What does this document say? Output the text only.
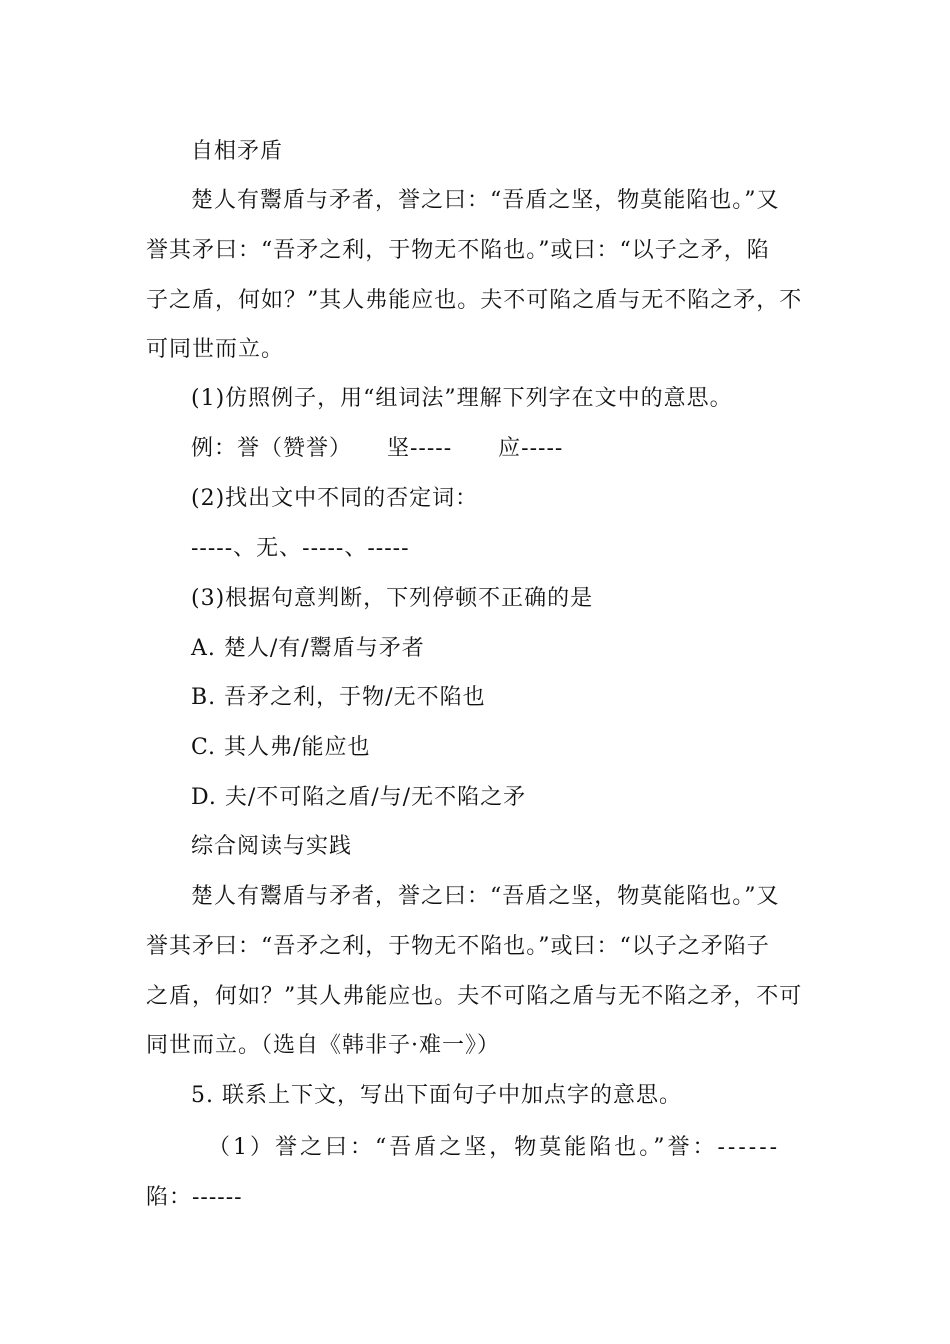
自相矛盾
楚人有鬻盾与矛者，誉之曰：“吾盾之坚，物莫能陷也。”又
誉其矛曰：“吾矛之利，于物无不陷也。”或曰：“以子之矛，陷
子之盾，何如？”其人弗能应也。夫不可陷之盾与无不陷之矛，不
可同世而立。
(1)仿照例子，用“组词法”理解下列字在文中的意思。
例：誉（赞誉）　　坚-----　　应-----
(2)找出文中不同的否定词：
-----、无、-----、-----
(3)根据句意判断，下列停顿不正确的是
A. 楚人/有/鬻盾与矛者
B. 吾矛之利，于物/无不陷也
C. 其人弗/能应也
D. 夫/不可陷之盾/与/无不陷之矛
综合阅读与实践
楚人有鬻盾与矛者，誉之曰：“吾盾之坚，物莫能陷也。”又
誉其矛曰：“吾矛之利，于物无不陷也。”或曰：“以子之矛陷子
之盾，何如？”其人弗能应也。夫不可陷之盾与无不陷之矛，不可
同世而立。（选自《韩非子·难一》）
5. 联系上下文，写出下面句子中加点字的意思。
（1）誉之曰：“吾盾之坚，物莫能陷也。”誉：------
陷：------
